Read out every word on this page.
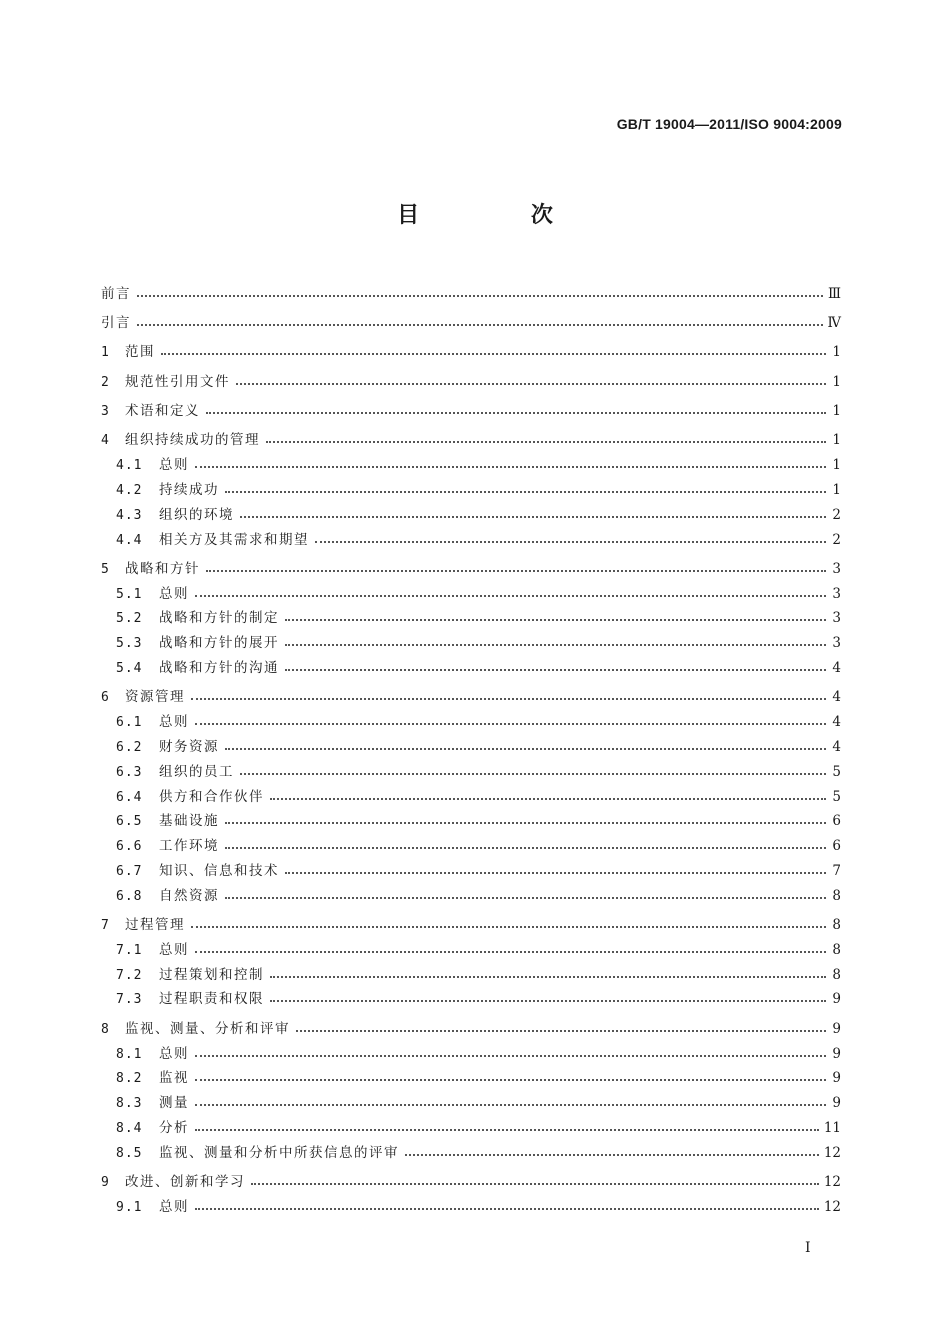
GB/T 19004—2011/ISO 9004:2009
目 次
前言	Ⅲ
引言	Ⅳ
1	范围	1
2	规范性引用文件	1
3	术语和定义	1
4	组织持续成功的管理	1
4.1	总则	1
4.2	持续成功	1
4.3	组织的环境	2
4.4	相关方及其需求和期望	2
5	战略和方针	3
5.1	总则	3
5.2	战略和方针的制定	3
5.3	战略和方针的展开	3
5.4	战略和方针的沟通	4
6	资源管理	4
6.1	总则	4
6.2	财务资源	4
6.3	组织的员工	5
6.4	供方和合作伙伴	5
6.5	基础设施	6
6.6	工作环境	6
6.7	知识、信息和技术	7
6.8	自然资源	8
7	过程管理	8
7.1	总则	8
7.2	过程策划和控制	8
7.3	过程职责和权限	9
8	监视、测量、分析和评审	9
8.1	总则	9
8.2	监视	9
8.3	测量	9
8.4	分析	11
8.5	监视、测量和分析中所获信息的评审	12
9	改进、创新和学习	12
9.1	总则	12
I
